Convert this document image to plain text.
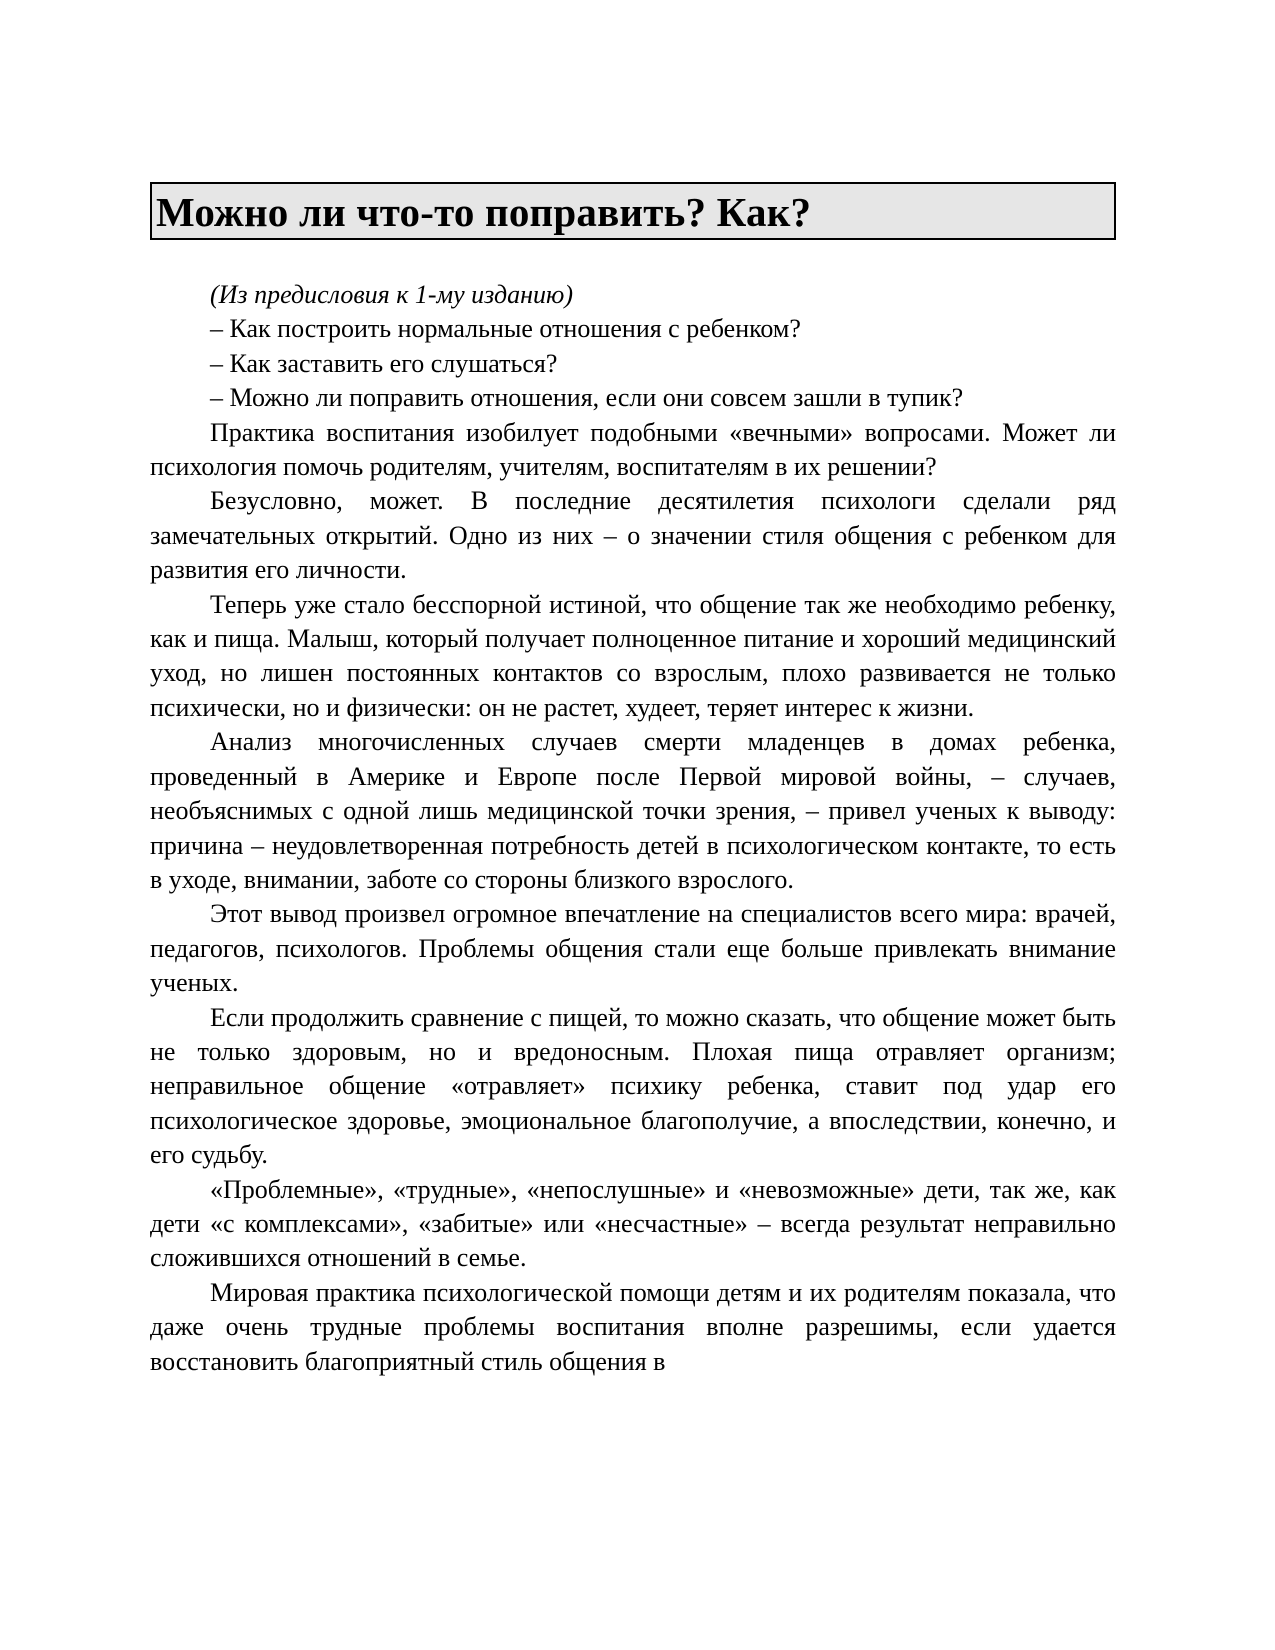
Можно ли что-то поправить? Как?

(Из предисловия к 1-му изданию)

– Как построить нормальные отношения с ребенком?

– Как заставить его слушаться?

– Можно ли поправить отношения, если они совсем зашли в тупик?

Практика воспитания изобилует подобными «вечными» вопросами. Может ли психология помочь родителям, учителям, воспитателям в их решении?

Безусловно, может. В последние десятилетия психологи сделали ряд замечательных открытий. Одно из них – о значении стиля общения с ребенком для развития его личности.

Теперь уже стало бесспорной истиной, что общение так же необходимо ребенку, как и пища. Малыш, который получает полноценное питание и хороший медицинский уход, но лишен постоянных контактов со взрослым, плохо развивается не только психически, но и физически: он не растет, худеет, теряет интерес к жизни.

Анализ многочисленных случаев смерти младенцев в домах ребенка, проведенный в Америке и Европе после Первой мировой войны, – случаев, необъяснимых с одной лишь медицинской точки зрения, – привел ученых к выводу: причина – неудовлетворенная потребность детей в психологическом контакте, то есть в уходе, внимании, заботе со стороны близкого взрослого.

Этот вывод произвел огромное впечатление на специалистов всего мира: врачей, педагогов, психологов. Проблемы общения стали еще больше привлекать внимание ученых.

Если продолжить сравнение с пищей, то можно сказать, что общение может быть не только здоровым, но и вредоносным. Плохая пища отравляет организм; неправильное общение «отравляет» психику ребенка, ставит под удар его психологическое здоровье, эмоциональное благополучие, а впоследствии, конечно, и его судьбу.

«Проблемные», «трудные», «непослушные» и «невозможные» дети, так же, как дети «с комплексами», «забитые» или «несчастные» – всегда результат неправильно сложившихся отношений в семье.

Мировая практика психологической помощи детям и их родителям показала, что даже очень трудные проблемы воспитания вполне разрешимы, если удается восстановить благоприятный стиль общения в
